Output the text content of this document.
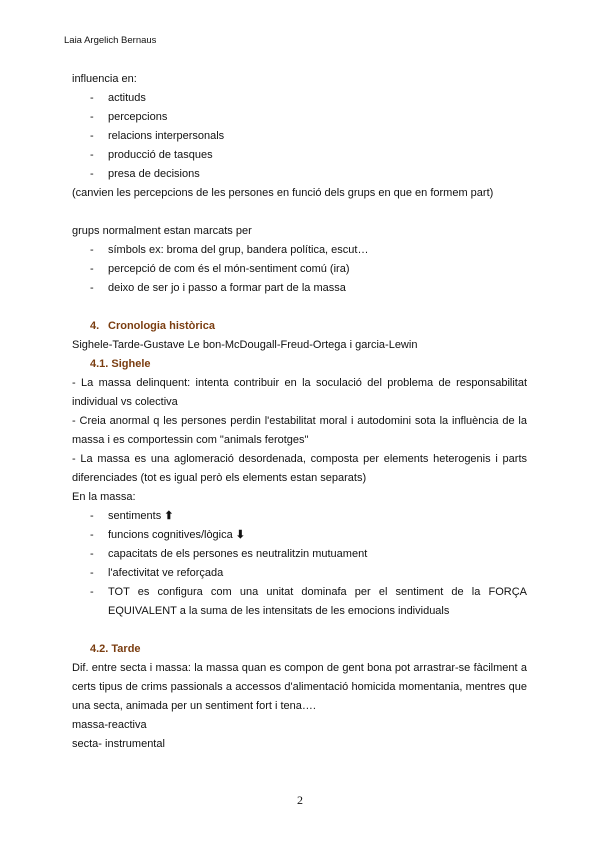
Laia Argelich Bernaus

influencia en:

- actituds
- percepcions
- relacions interpersonals
- producció de tasques
- presa de decisions

(canvien les percepcions de les persones en funció dels grups en que en formem part)

grups normalment estan marcats per

- símbols ex: broma del grup, bandera política, escut…
- percepció de com és el món-sentiment comú (ira)
- deixo de ser jo i passo a formar part de la massa

4. Cronologia històrica

Sighele-Tarde-Gustave Le bon-McDougall-Freud-Ortega i garcia-Lewin

4.1. Sighele

- La massa delinquent: intenta contribuir en la soculació del problema de responsabilitat individual vs colectiva

- Creia anormal q les persones perdin l'estabilitat moral i autodomini sota la influència de la massa i es comportessin com "animals ferotges"

- La massa es una aglomeració desordenada, composta per elements heterogenis i parts diferenciades (tot es igual però els elements estan separats)

En la massa:

- sentiments ⬆
- funcions cognitives/lògica ⬇
- capacitats de els persones es neutralitzin mutuament
- l'afectivitat ve reforçada
- TOT es configura com una unitat dominafa per el sentiment de la FORÇA EQUIVALENT a la suma de les intensitats de les emocions individuals

4.2. Tarde

Dif. entre secta i massa: la massa quan es compon de gent bona pot arrastrar-se fàcilment a certs tipus de crims passionals a accessos d'alimentació homicida momentania, mentres que una secta, animada per un sentiment fort i tena….

massa-reactiva

secta- instrumental

2
